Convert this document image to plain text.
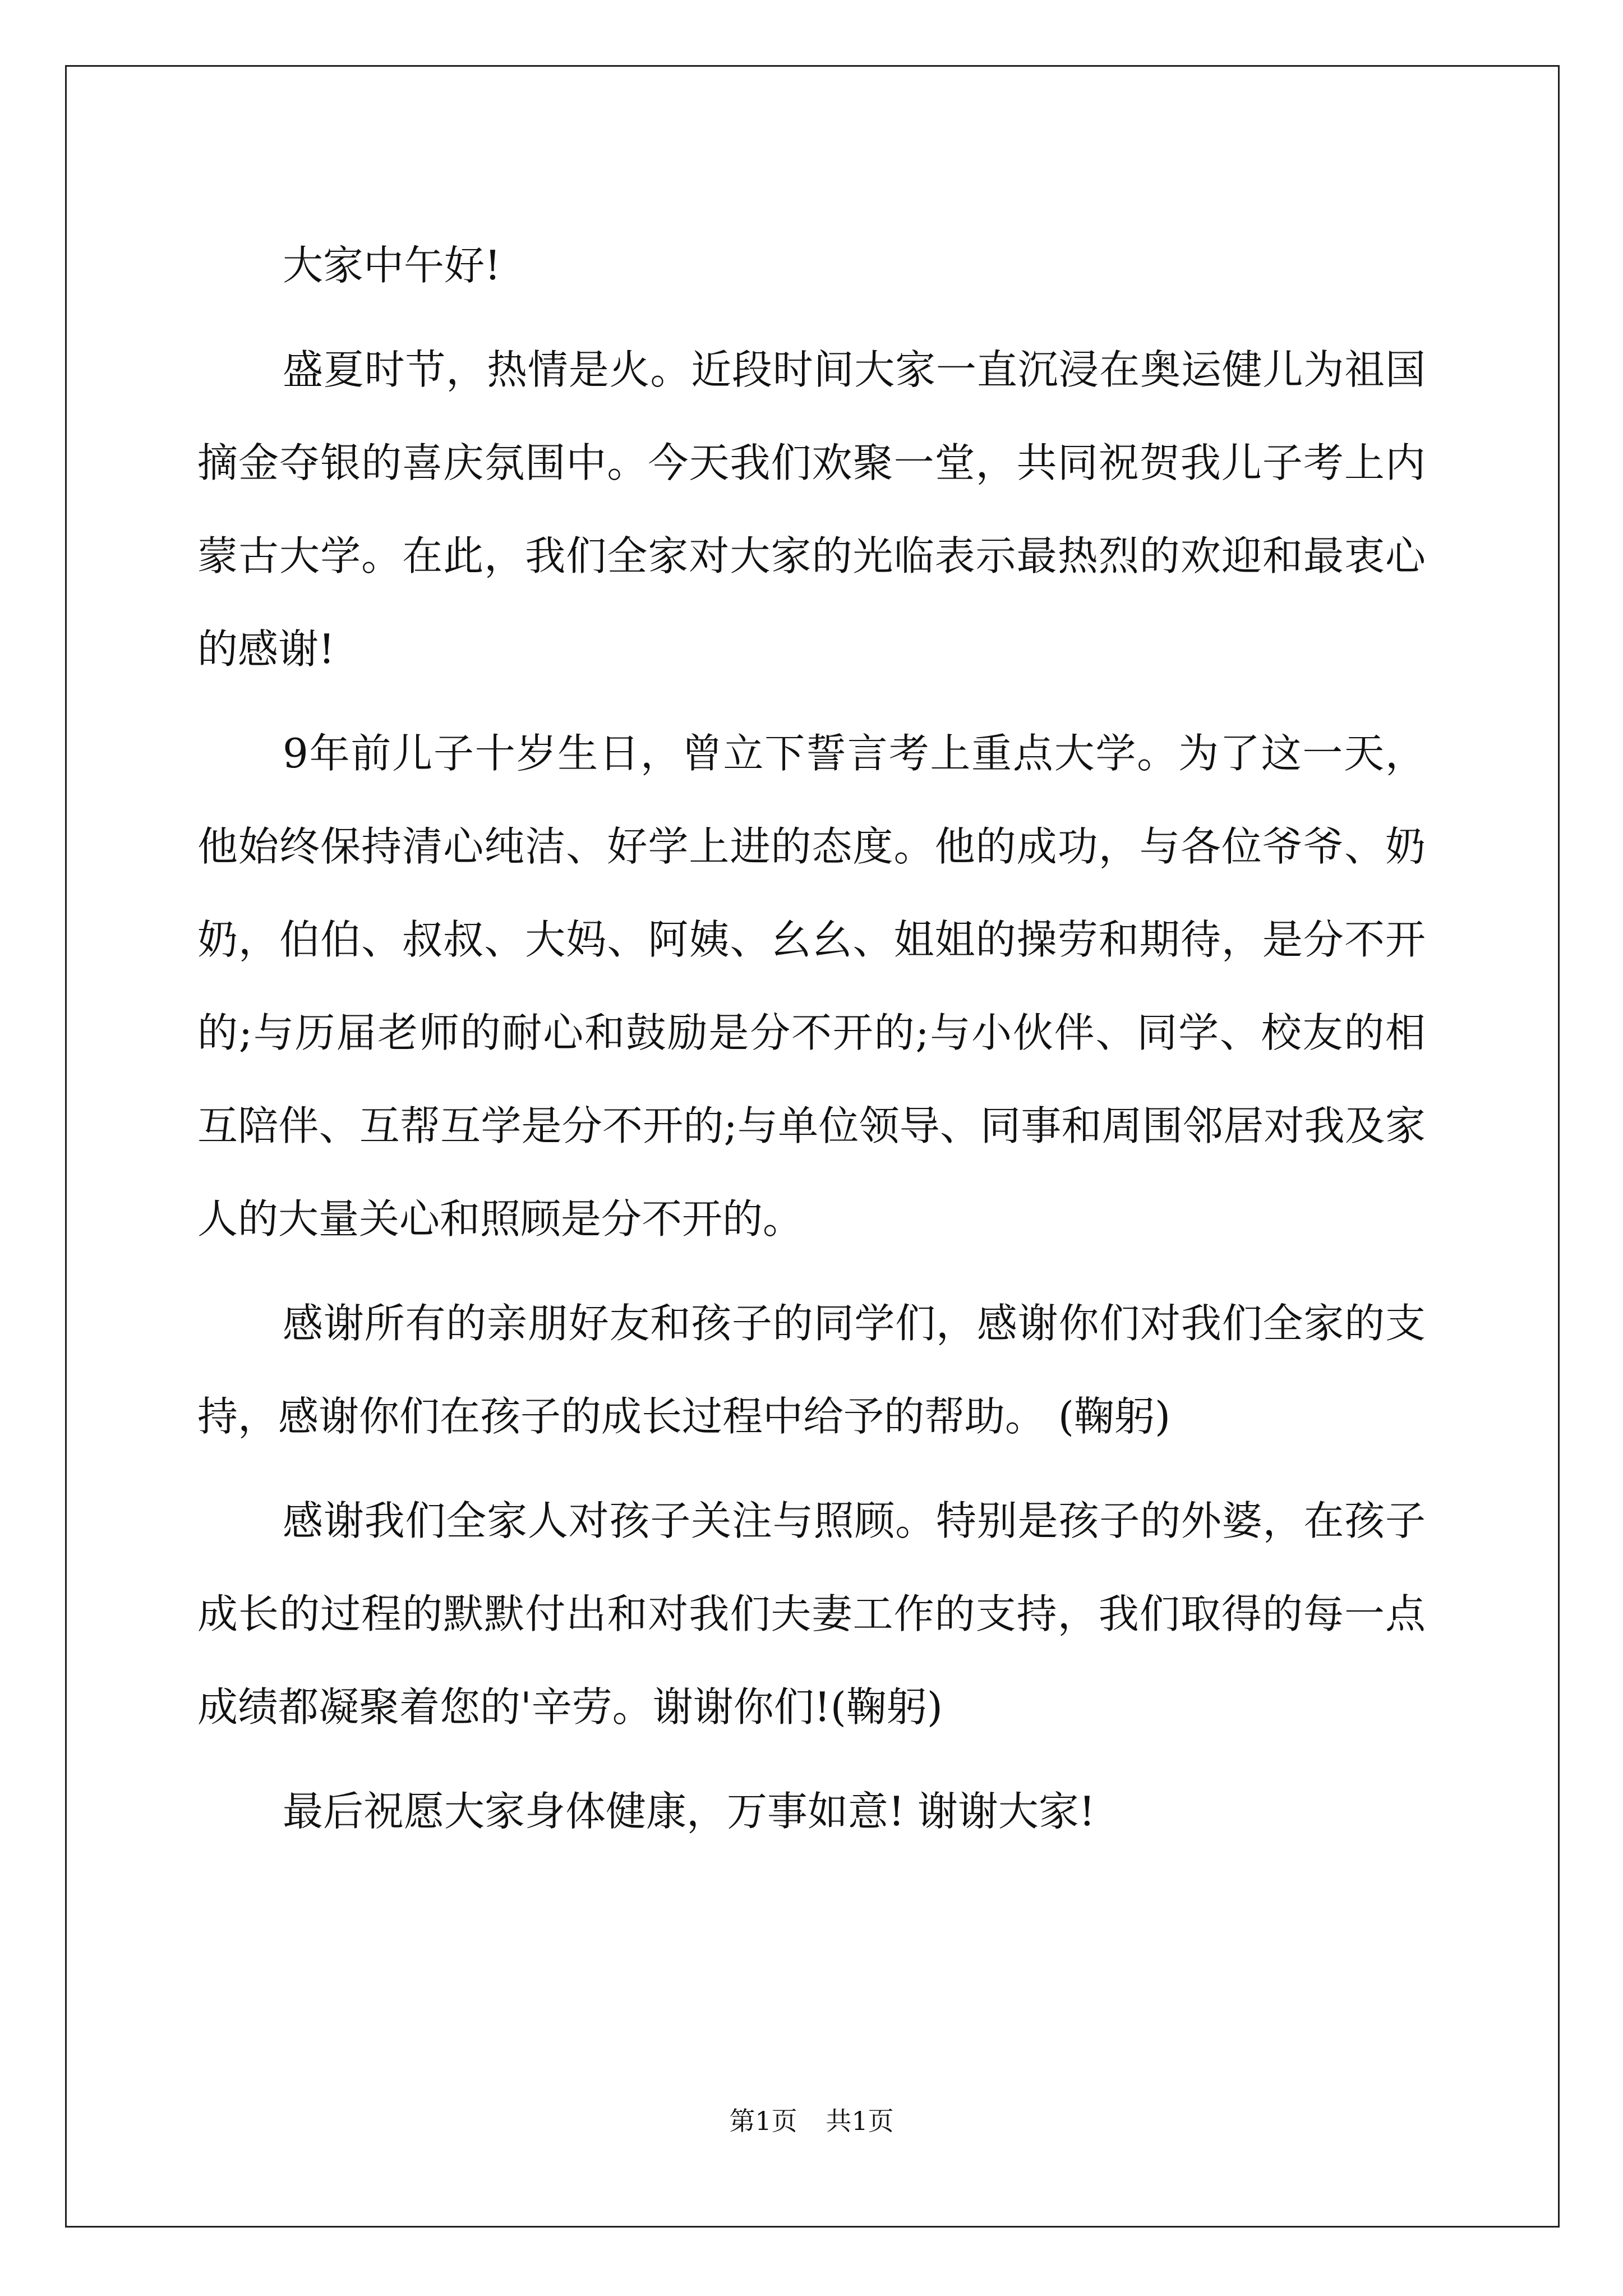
大家中午好!

盛夏时节，热情是火。近段时间大家一直沉浸在奥运健儿为祖国摘金夺银的喜庆氛围中。今天我们欢聚一堂，共同祝贺我儿子考上内蒙古大学。在此，我们全家对大家的光临表示最热烈的欢迎和最衷心的感谢!

9年前儿子十岁生日，曾立下誓言考上重点大学。为了这一天，他始终保持清心纯洁、好学上进的态度。他的成功，与各位爷爷、奶奶，伯伯、叔叔、大妈、阿姨、幺幺、姐姐的操劳和期待，是分不开的;与历届老师的耐心和鼓励是分不开的;与小伙伴、同学、校友的相互陪伴、互帮互学是分不开的;与单位领导、同事和周围邻居对我及家人的大量关心和照顾是分不开的。

感谢所有的亲朋好友和孩子的同学们，感谢你们对我们全家的支持，感谢你们在孩子的成长过程中给予的帮助。 (鞠躬)

感谢我们全家人对孩子关注与照顾。特别是孩子的外婆，在孩子成长的过程的默默付出和对我们夫妻工作的支持，我们取得的每一点成绩都凝聚着您的'辛劳。谢谢你们!(鞠躬)

最后祝愿大家身体健康，万事如意! 谢谢大家!

第1页 共1页
